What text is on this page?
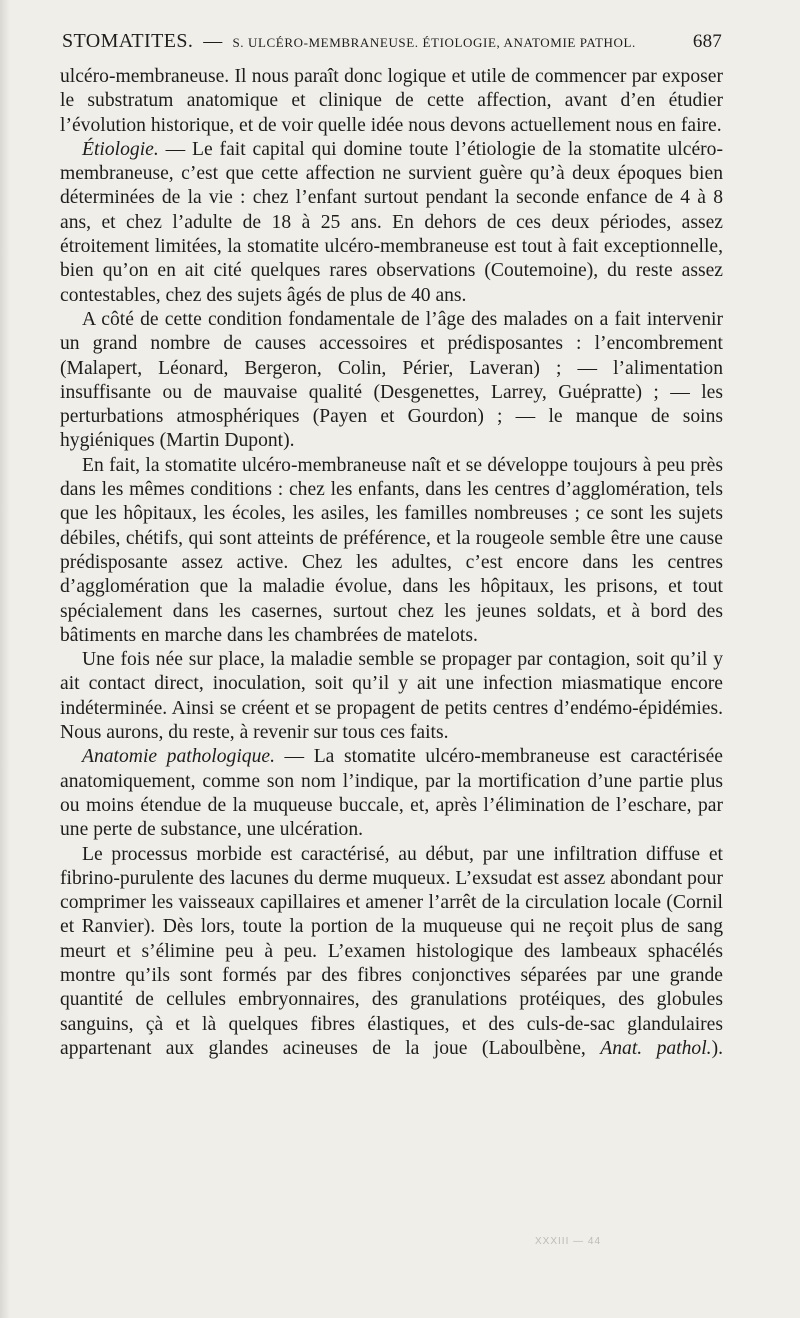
STOMATITES. — S. ULCÉRO-MEMBRANEUSE. ÉTIOLOGIE, ANATOMIE PATHOL.	687

ulcéro-membraneuse. Il nous paraît donc logique et utile de commencer par exposer le substratum anatomique et clinique de cette affection, avant d’en étudier l’évolution historique, et de voir quelle idée nous devons actuellement nous en faire.

Étiologie. — Le fait capital qui domine toute l’étiologie de la stomatite ulcéro-membraneuse, c’est que cette affection ne survient guère qu’à deux époques bien déterminées de la vie : chez l’enfant surtout pendant la seconde enfance de 4 à 8 ans, et chez l’adulte de 18 à 25 ans. En dehors de ces deux périodes, assez étroitement limitées, la stomatite ulcéro-membraneuse est tout à fait exceptionnelle, bien qu’on en ait cité quelques rares observations (Coutemoine), du reste assez contestables, chez des sujets âgés de plus de 40 ans.

A côté de cette condition fondamentale de l’âge des malades on a fait intervenir un grand nombre de causes accessoires et prédisposantes : l’encombrement (Malapert, Léonard, Bergeron, Colin, Périer, Laveran) ; — l’alimentation insuffisante ou de mauvaise qualité (Desgenettes, Larrey, Guépratte) ; — les perturbations atmosphériques (Payen et Gourdon) ; — le manque de soins hygiéniques (Martin Dupont).

En fait, la stomatite ulcéro-membraneuse naît et se développe toujours à peu près dans les mêmes conditions : chez les enfants, dans les centres d’agglomération, tels que les hôpitaux, les écoles, les asiles, les familles nombreuses ; ce sont les sujets débiles, chétifs, qui sont atteints de préférence, et la rougeole semble être une cause prédisposante assez active. Chez les adultes, c’est encore dans les centres d’agglomération que la maladie évolue, dans les hôpitaux, les prisons, et tout spécialement dans les casernes, surtout chez les jeunes soldats, et à bord des bâtiments en marche dans les chambrées de matelots.

Une fois née sur place, la maladie semble se propager par contagion, soit qu’il y ait contact direct, inoculation, soit qu’il y ait une infection miasmatique encore indéterminée. Ainsi se créent et se propagent de petits centres d’endémo-épidémies. Nous aurons, du reste, à revenir sur tous ces faits.

Anatomie pathologique. — La stomatite ulcéro-membraneuse est caractérisée anatomiquement, comme son nom l’indique, par la mortification d’une partie plus ou moins étendue de la muqueuse buccale, et, après l’élimination de l’eschare, par une perte de substance, une ulcération.

Le processus morbide est caractérisé, au début, par une infiltration diffuse et fibrino-purulente des lacunes du derme muqueux. L’exsudat est assez abondant pour comprimer les vaisseaux capillaires et amener l’arrêt de la circulation locale (Cornil et Ranvier). Dès lors, toute la portion de la muqueuse qui ne reçoit plus de sang meurt et s’élimine peu à peu. L’examen histologique des lambeaux sphacélés montre qu’ils sont formés par des fibres conjonctives séparées par une grande quantité de cellules embryonnaires, des granulations protéiques, des globules sanguins, çà et là quelques fibres élastiques, et des culs-de-sac glandulaires appartenant aux glandes acineuses de la joue (Laboulbène, Anat. pathol.).

XXXIII — 44
